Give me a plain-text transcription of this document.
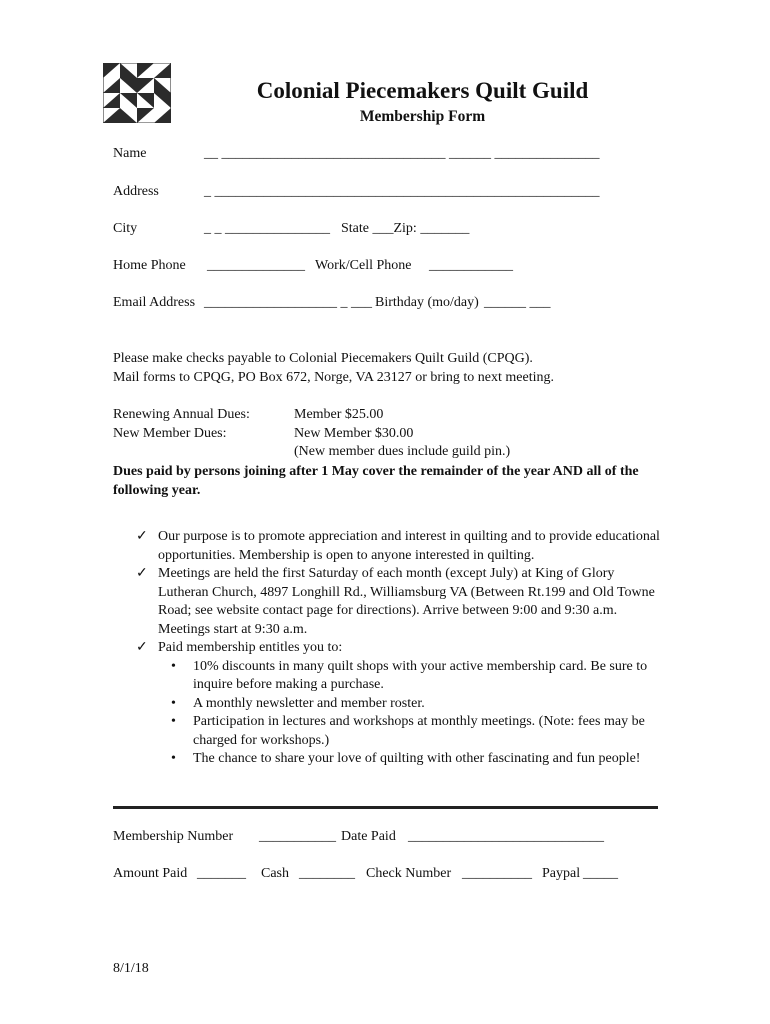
Colonial Piecemakers Quilt Guild
Membership Form
Name	__ ________________________________ ______ _______________
Address	_ _______________________________________________________
City	_ _ _______________ State ___Zip: _______
Home Phone ______________ Work/Cell Phone ____________
Email Address ___________________ _ ___ Birthday (mo/day) ______ ___
Please make checks payable to Colonial Piecemakers Quilt Guild (CPQG).
Mail forms to CPQG, PO Box 672, Norge, VA 23127 or bring to next meeting.
Renewing Annual Dues:	Member $25.00
New Member Dues:	New Member $30.00
(New member dues include guild pin.)
Dues paid by persons joining after 1 May cover the remainder of the year AND all of the following year.
✓ Our purpose is to promote appreciation and interest in quilting and to provide educational opportunities. Membership is open to anyone interested in quilting.
✓ Meetings are held the first Saturday of each month (except July) at King of Glory Lutheran Church, 4897 Longhill Rd., Williamsburg VA (Between Rt.199 and Old Towne Road; see website contact page for directions). Arrive between 9:00 and 9:30 a.m. Meetings start at 9:30 a.m.
✓ Paid membership entitles you to:
• 10% discounts in many quilt shops with your active membership card. Be sure to inquire before making a purchase.
• A monthly newsletter and member roster.
• Participation in lectures and workshops at monthly meetings. (Note: fees may be charged for workshops.)
• The chance to share your love of quilting with other fascinating and fun people!
Membership Number ___________ Date Paid ____________________________
Amount Paid _______ Cash ________ Check Number __________ Paypal _____
8/1/18
